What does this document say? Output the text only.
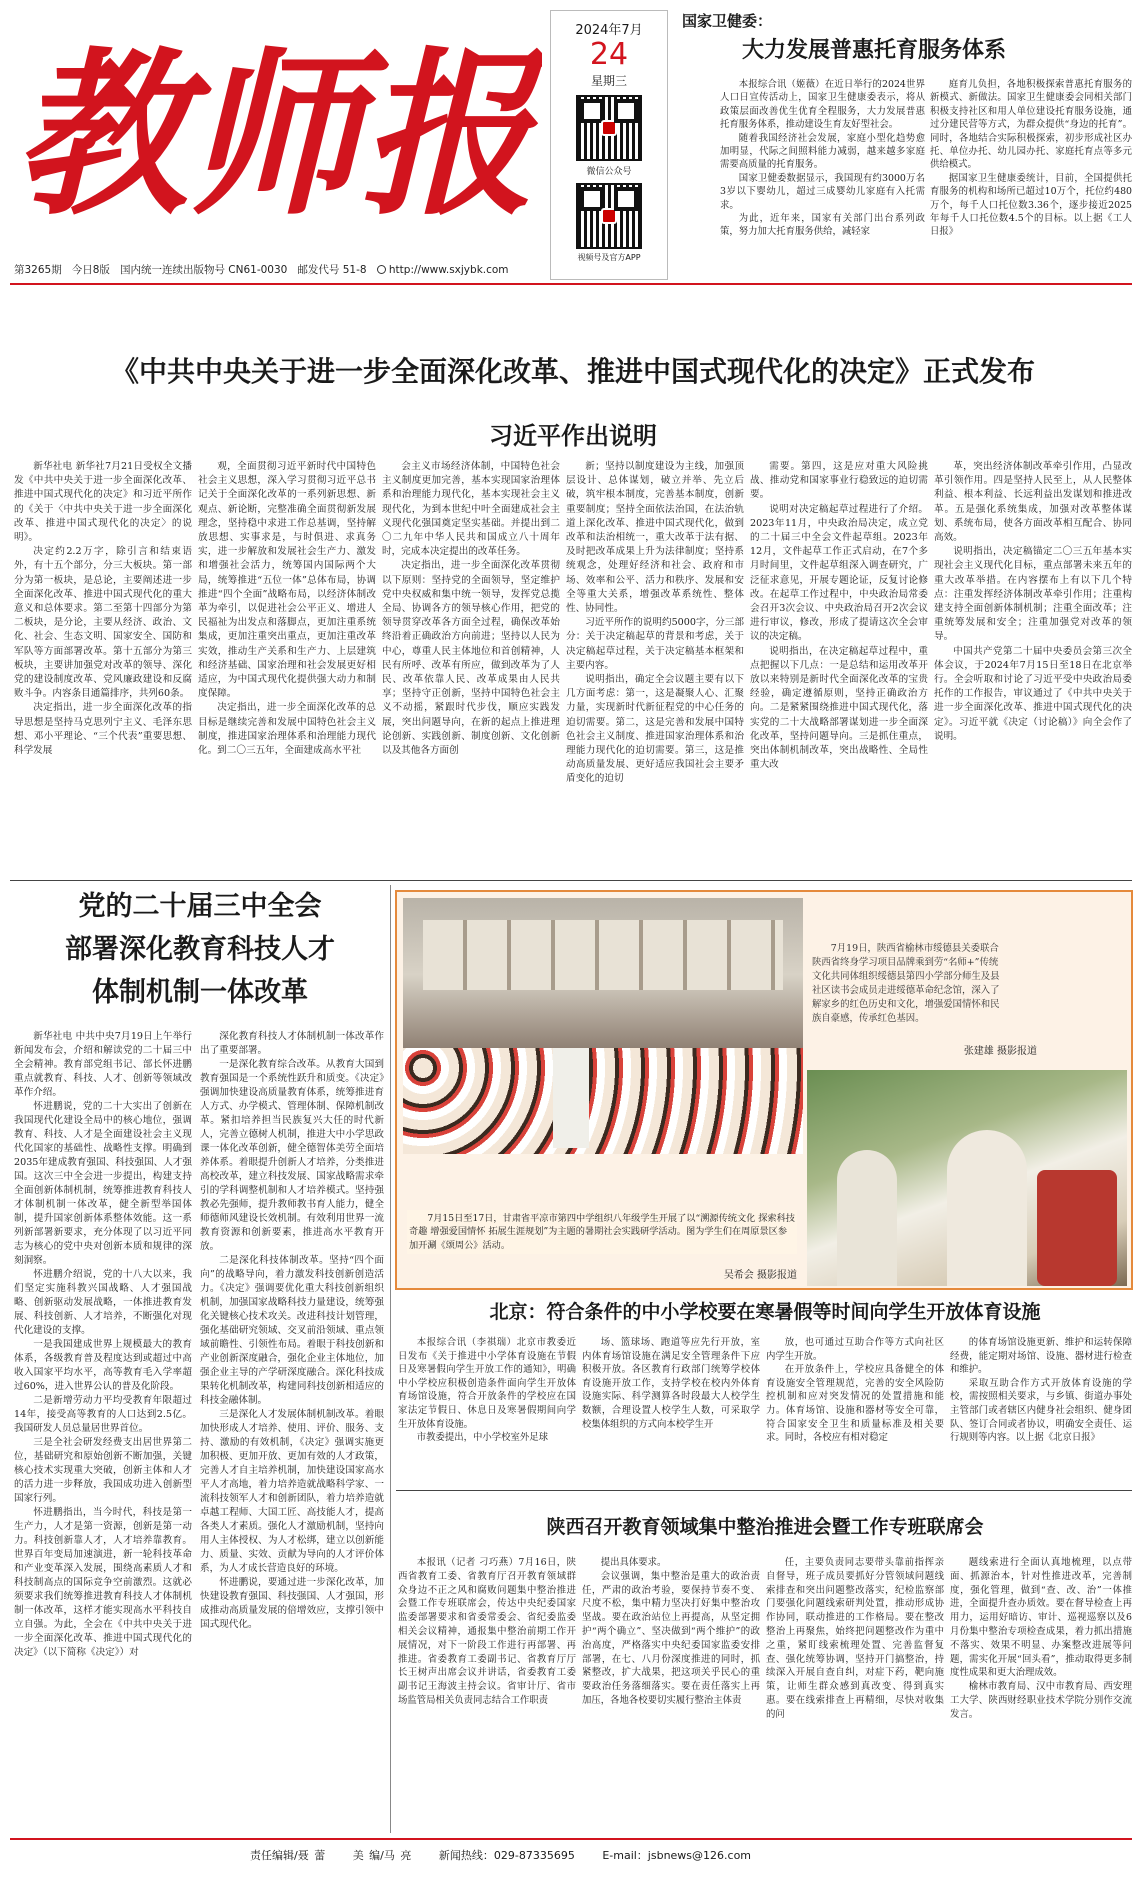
教师报
第3265期 今日8版 国内统一连续出版物号 CN61-0030 邮发代号 51-8 http://www.sxjybk.com
2024年7月
24
星期三
微信公众号
视频号及官方APP
国家卫健委：
大力发展普惠托育服务体系

本报综合讯（姬薇）在近日举行的2024世界人口日宣传活动上，国家卫生健康委表示，将从政策层面改善优生优育全程服务，大力发展普惠托育服务体系，推动建设生育友好型社会。

随着我国经济社会发展，家庭小型化趋势愈加明显，代际之间照料能力减弱，越来越多家庭需要高质量的托育服务。

国家卫健委数据显示，我国现有约3000万名3岁以下婴幼儿，超过三成婴幼儿家庭有入托需求。

为此，近年来，国家有关部门出台系列政策，努力加大托育服务供给，减轻家

庭育儿负担，各地积极探索普惠托育服务的新模式、新做法。国家卫生健康委会同相关部门积极支持社区和用人单位建设托育服务设施，通过分建民营等方式，为群众提供“身边的托育”。同时，各地结合实际积极探索，初步形成社区办托、单位办托、幼儿园办托、家庭托育点等多元供给模式。

据国家卫生健康委统计，目前，全国提供托育服务的机构和场所已超过10万个，托位约480万个，每千人口托位数3.36个，逐步接近2025年每千人口托位数4.5个的目标。以上据《工人日报》

《中共中央关于进一步全面深化改革、推进中国式现代化的决定》正式发布
习近平作出说明

新华社电 新华社7月21日受权全文播发《中共中央关于进一步全面深化改革、推进中国式现代化的决定》和习近平所作的《关于〈中共中央关于进一步全面深化改革、推进中国式现代化的决定〉的说明》。

决定约2.2万字，除引言和结束语外，有十五个部分，分三大板块。第一部分为第一板块，是总论，主要阐述进一步全面深化改革、推进中国式现代化的重大意义和总体要求。第二至第十四部分为第二板块，是分论，主要从经济、政治、文化、社会、生态文明、国家安全、国防和军队等方面部署改革。第十五部分为第三板块，主要讲加强党对改革的领导、深化党的建设制度改革、党风廉政建设和反腐败斗争。内容条目通篇排序，共列60条。

决定指出，进一步全面深化改革的指导思想是坚持马克思列宁主义、毛泽东思想、邓小平理论、“三个代表”重要思想、科学发展

观，全面贯彻习近平新时代中国特色社会主义思想，深入学习贯彻习近平总书记关于全面深化改革的一系列新思想、新观点、新论断，完整准确全面贯彻新发展理念，坚持稳中求进工作总基调，坚持解放思想、实事求是，与时俱进、求真务实，进一步解放和发展社会生产力、激发和增强社会活力，统筹国内国际两个大局，统筹推进“五位一体”总体布局，协调推进“四个全面”战略布局，以经济体制改革为牵引，以促进社会公平正义、增进人民福祉为出发点和落脚点，更加注重系统集成，更加注重突出重点，更加注重改革实效，推动生产关系和生产力、上层建筑和经济基础、国家治理和社会发展更好相适应，为中国式现代化提供强大动力和制度保障。

决定指出，进一步全面深化改革的总目标是继续完善和发展中国特色社会主义制度，推进国家治理体系和治理能力现代化。到二〇三五年，全面建成高水平社

会主义市场经济体制，中国特色社会主义制度更加完善，基本实现国家治理体系和治理能力现代化，基本实现社会主义现代化，为到本世纪中叶全面建成社会主义现代化强国奠定坚实基础。并提出到二〇二九年中华人民共和国成立八十周年时，完成本决定提出的改革任务。

决定指出，进一步全面深化改革贯彻以下原则：坚持党的全面领导，坚定维护党中央权威和集中统一领导，发挥党总揽全局、协调各方的领导核心作用，把党的领导贯穿改革各方面全过程，确保改革始终沿着正确政治方向前进；坚持以人民为中心，尊重人民主体地位和首创精神，人民有所呼、改革有所应，做到改革为了人民、改革依靠人民、改革成果由人民共享；坚持守正创新，坚持中国特色社会主义不动摇，紧跟时代步伐，顺应实践发展，突出问题导向，在新的起点上推进理论创新、实践创新、制度创新、文化创新以及其他各方面创

新；坚持以制度建设为主线，加强顶层设计、总体谋划，破立并举、先立后破，筑牢根本制度，完善基本制度，创新重要制度；坚持全面依法治国，在法治轨道上深化改革、推进中国式现代化，做到改革和法治相统一，重大改革于法有据、及时把改革成果上升为法律制度；坚持系统观念，处理好经济和社会、政府和市场、效率和公平、活力和秩序、发展和安全等重大关系，增强改革系统性、整体性、协同性。

习近平所作的说明约5000字，分三部分：关于决定稿起草的背景和考虑，关于决定稿起草过程，关于决定稿基本框架和主要内容。

说明指出，确定全会议题主要有以下几方面考虑：第一，这是凝聚人心、汇聚力量，实现新时代新征程党的中心任务的迫切需要。第二，这是完善和发展中国特色社会主义制度、推进国家治理体系和治理能力现代化的迫切需要。第三，这是推动高质量发展、更好适应我国社会主要矛盾变化的迫切

需要。第四，这是应对重大风险挑战、推动党和国家事业行稳致远的迫切需要。

说明对决定稿起草过程进行了介绍。2023年11月，中央政治局决定，成立党的二十届三中全会文件起草组。2023年12月，文件起草工作正式启动，在7个多月时间里，文件起草组深入调查研究，广泛征求意见，开展专题论证，反复讨论修改。在起草工作过程中，中央政治局常委会召开3次会议、中央政治局召开2次会议进行审议，修改，形成了提请这次全会审议的决定稿。

说明指出，在决定稿起草过程中，重点把握以下几点：一是总结和运用改革开放以来特别是新时代全面深化改革的宝贵经验，确定遵循原则，坚持正确政治方向。二是紧紧围绕推进中国式现代化，落实党的二十大战略部署谋划进一步全面深化改革，坚持问题导向。三是抓住重点，突出体制机制改革，突出战略性、全局性重大改

革，突出经济体制改革牵引作用，凸显改革引领作用。四是坚持人民至上，从人民整体利益、根本利益、长远利益出发谋划和推进改革。五是强化系统集成，加强对改革整体谋划、系统布局，使各方面改革相互配合、协同高效。

说明指出，决定稿锚定二〇三五年基本实现社会主义现代化目标，重点部署未来五年的重大改革举措。在内容摆布上有以下几个特点：注重发挥经济体制改革牵引作用；注重构建支持全面创新体制机制；注重全面改革；注重统筹发展和安全；注重加强党对改革的领导。

中国共产党第二十届中央委员会第三次全体会议，于2024年7月15日至18日在北京举行。全会听取和讨论了习近平受中央政治局委托作的工作报告，审议通过了《中共中央关于进一步全面深化改革、推进中国式现代化的决定》。习近平就《决定（讨论稿）》向全会作了说明。

党的二十届三中全会
部署深化教育科技人才
体制机制一体改革

新华社电 中共中央7月19日上午举行新闻发布会，介绍和解读党的二十届三中全会精神。教育部党组书记、部长怀进鹏重点就教育、科技、人才、创新等领域改革作介绍。

怀进鹏说，党的二十大实出了创新在我国现代化建设全局中的核心地位，强调教育、科技、人才是全面建设社会主义现代化国家的基础性、战略性支撑。明确到2035年建成教育强国、科技强国、人才强国。这次三中全会进一步提出，构建支持全面创新体制机制，统筹推进教育科技人才体制机制一体改革，健全新型举国体制，提升国家创新体系整体效能。这一系列新部署新要求，充分体现了以习近平同志为核心的党中央对创新本质和规律的深刻洞察。

怀进鹏介绍说，党的十八大以来，我们坚定实施科教兴国战略、人才强国战略、创新驱动发展战略，一体推进教育发展、科技创新、人才培养，不断强化对现代化建设的支撑。

一是我国建成世界上规模最大的教育体系，各级教育普及程度达到或超过中高收入国家平均水平，高等教育毛入学率超过60%，进入世界公认的普及化阶段。

二是新增劳动力平均受教育年限超过14年，接受高等教育的人口达到2.5亿。我国研发人员总量居世界首位。

三是全社会研发经费支出居世界第二位，基础研究和原始创新不断加强，关键核心技术实现重大突破，创新主体和人才的活力进一步释放，我国成功进入创新型国家行列。

怀进鹏指出，当今时代，科技是第一生产力，人才是第一资源，创新是第一动力。科技创新靠人才，人才培养靠教育。世界百年变局加速演进，新一轮科技革命和产业变革深入发展，围绕高素质人才和科技制高点的国际竞争空前激烈。这就必须要求我们统筹推进教育科技人才体制机制一体改革，这样才能实现高水平科技自立自强。为此，全会在《中共中央关于进一步全面深化改革、推进中国式现代化的决定》（以下简称《决定》）对

深化教育科技人才体制机制一体改革作出了重要部署。

一是深化教育综合改革。从教育大国到教育强国是一个系统性跃升和质变。《决定》强调加快建设高质量教育体系，统筹推进育人方式、办学模式、管理体制、保障机制改革。紧扣培养担当民族复兴大任的时代新人，完善立德树人机制，推进大中小学思政课一体化改革创新，健全德智体美劳全面培养体系。着眼提升创新人才培养，分类推进高校改革，建立科技发展、国家战略需求牵引的学科调整机制和人才培养模式。坚持强教必先强师，提升教师教书育人能力，健全师德师风建设长效机制。有效利用世界一流教育资源和创新要素，推进高水平教育开放。

二是深化科技体制改革。坚持“四个面向”的战略导向，着力激发科技创新创造活力。《决定》强调要优化重大科技创新组织机制，加强国家战略科技力量建设，统筹强化关键核心技术攻关。改进科技计划管理，强化基础研究领域、交叉前沿领域、重点领域前瞻性、引领性布局。着眼于科技创新和产业创新深度融合，强化企业主体地位，加强企业主导的产学研深度融合。深化科技成果转化机制改革，构建同科技创新相适应的科技金融体制。

三是深化人才发展体制机制改革。着眼加快形成人才培养、使用、评价、服务、支持、激励的有效机制，《决定》强调实施更加积极、更加开放、更加有效的人才政策，完善人才自主培养机制，加快建设国家高水平人才高地，着力培养造就战略科学家、一流科技领军人才和创新团队，着力培养造就卓越工程师、大国工匠、高技能人才，提高各类人才素质。强化人才激励机制，坚持向用人主体授权、为人才松绑，建立以创新能力、质量、实效、贡献为导向的人才评价体系，为人才成长营造良好的环境。

怀进鹏说，要通过进一步深化改革，加快建设教育强国、科技强国、人才强国，形成推动高质量发展的倍增效应，支撑引领中国式现代化。

7月19日，陕西省榆林市绥德县关委联合陕西省终身学习项目品牌乘到劳“名师+”传统文化共同体组织绥德县第四小学部分师生及县社区读书会成员走进绥德革命纪念馆，深入了解家乡的红色历史和文化，增强爱国情怀和民族自豪感，传承红色基因。
张建雄 摄影报道
7月15日至17日，甘肃省平凉市第四中学组织八年级学生开展了以“溯源传统文化 探索科技奇趣 增强爱国情怀 拓展生涯规划”为主题的暑期社会实践研学活动。图为学生们在周原景区参加开涮《颂周公》活动。
吴希会 摄影报道
北京：符合条件的中小学校要在寒暑假等时间向学生开放体育设施

本报综合讯（李祺瑞）北京市教委近日发布《关于推进中小学体育设施在节假日及寒暑假向学生开放工作的通知》，明确中小学校应积极创造条件面向学生开放体育场馆设施，符合开放条件的学校应在国家法定节假日、休息日及寒暑假期间向学生开放体育设施。

市教委提出，中小学校室外足球

场、篮球场、跑道等应先行开放，室内体育场馆设施在满足安全管理条件下应积极开放。各区教育行政部门统筹学校体育设施开放工作，支持学校在校内外体育设施实际、科学测算各时段最大人校学生数额，合理设置人校学生人数，可采取学校集体组织的方式向本校学生开

放，也可通过互助合作等方式向社区内学生开放。

在开放条件上，学校应具备健全的体育设施安全管理规范，完善的安全风险防控机制和应对突发情况的处置措施和能力。体育场馆、设施和器材等安全可靠，符合国家安全卫生和质量标准及相关要求。同时，各校应有相对稳定

的体育场馆设施更新、维护和运转保障经费，能定期对场馆、设施、器材进行检查和维护。

采取互助合作方式开放体育设施的学校，需按照相关要求，与乡镇、街道办事处主管部门或者辖区内健身社会组织、健身团队、签订合同或者协议，明确安全责任、运行规则等内容。以上据《北京日报》

陕西召开教育领域集中整治推进会暨工作专班联席会

本报讯（记者 刁巧燕）7月16日，陕西省教育工委、省教育厅召开教育领域群众身边不正之风和腐败问题集中整治推进会暨工作专班联席会，传达中央纪委国家监委部署要求和省委常委会、省纪委监委相关会议精神，通报集中整治前期工作开展情况，对下一阶段工作进行再部署、再推进。省委教育工委副书记、省教育厅厅长王树声出席会议并讲话，省委教育工委副书记王海波主持会议。省审计厅、省市场监管局相关负责同志结合工作职责

提出具体要求。

会议强调，集中整治是重大的政治责任，严肃的政治考验，要保持节奏不变、尺度不松，集中精力坚决打好集中整治攻坚战。要在政治站位上再提高，从坚定拥护“两个确立”、坚决做到“两个维护”的政治高度，严格落实中央纪委国家监委安排部署，在七、八月份深度推进的同时，抓紧整改，扩大战果，把这项关乎民心的重要政治任务落细落实。要在责任落实上再加压，各地各校要切实履行整治主体责

任，主要负责同志要带头靠前指挥亲自督导，班子成员要抓好分管领域问题线索排查和突出问题整改落实，纪检监察部门要强化问题线索研判处置，推动形成协作协同，联动推进的工作格局。要在整改整治上再聚焦，始终把问题整改作为重中之重，紧盯线索梳理处置、完善监督复查、强化统筹协调，坚持开门搞整治，持续深入开展自查自纠，对症下药，靶向施策，让师生群众感到真改变、得到真实惠。要在线索排查上再精细，尽快对收集的问

题线索进行全面认真地梳理，以点带面、抓源治本，针对性推进改革，完善制度，强化管理，做到“查、改、治”一体推进，全面提升查办质效。要在督导检查上再用力，运用好暗访、审计、巡视巡察以及6月份集中整治专项检查成果，着力抓出措施不落实、效果不明显、办案整改进展等问题，需实化开展“回头看”，推动取得更多制度性成果和更大治理成效。

榆林市教育局、汉中市教育局、西安理工大学、陕西财经职业技术学院分别作交流发言。

责任编辑/聂 蕾 美 编/马 亮 新闻热线：029-87335695 E-mail：jsbnews@126.com
